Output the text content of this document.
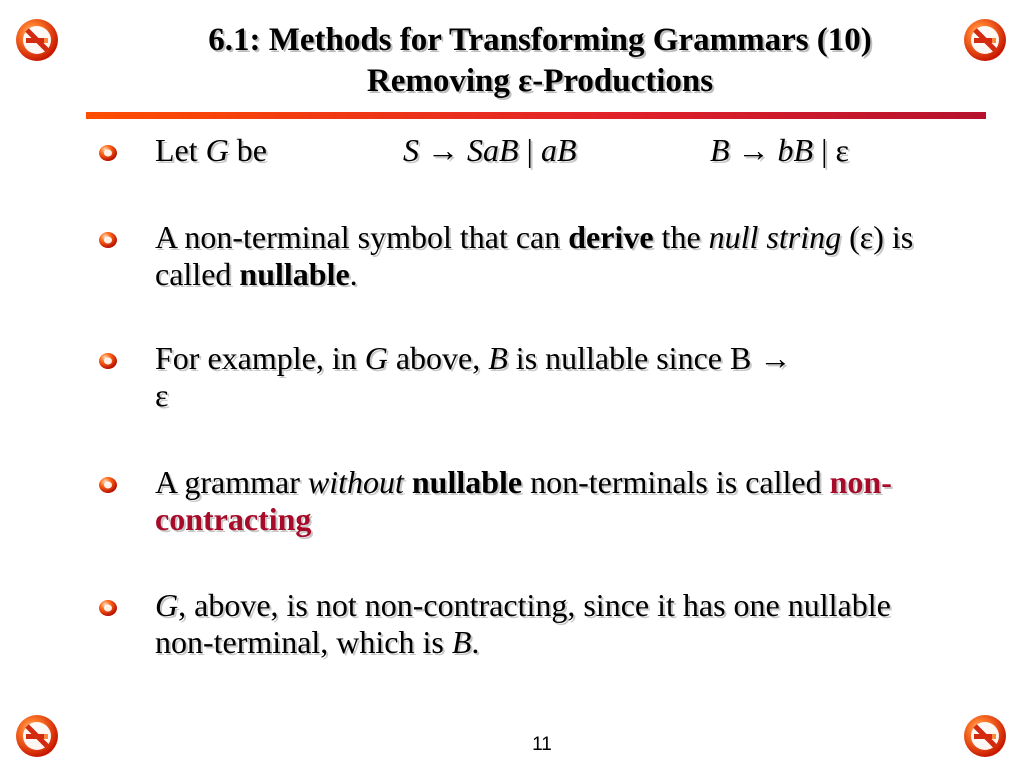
6.1: Methods for Transforming Grammars (10)
Removing ε-Productions
Let G be	S → SaB | aB	B → bB | ε
A non-terminal symbol that can derive the null string (ε) is called nullable.
For example, in G above, B is nullable since B →
ε
A grammar without nullable non-terminals is called non-contracting
G, above, is not non-contracting, since it has one nullable non-terminal, which is B.
11
